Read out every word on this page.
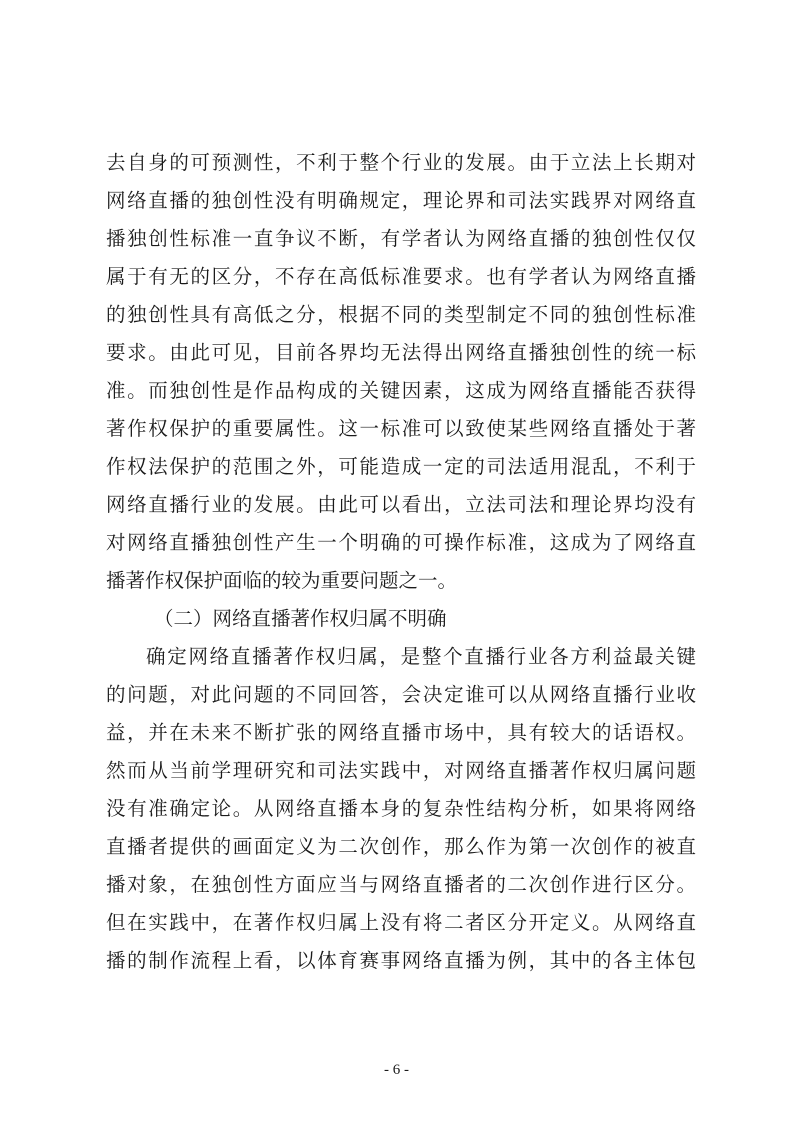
去自身的可预测性，不利于整个行业的发展。由于立法上长期对
网络直播的独创性没有明确规定，理论界和司法实践界对网络直
播独创性标准一直争议不断，有学者认为网络直播的独创性仅仅
属于有无的区分，不存在高低标准要求。也有学者认为网络直播
的独创性具有高低之分，根据不同的类型制定不同的独创性标准
要求。由此可见，目前各界均无法得出网络直播独创性的统一标
准。而独创性是作品构成的关键因素，这成为网络直播能否获得
著作权保护的重要属性。这一标准可以致使某些网络直播处于著
作权法保护的范围之外，可能造成一定的司法适用混乱，不利于
网络直播行业的发展。由此可以看出，立法司法和理论界均没有
对网络直播独创性产生一个明确的可操作标准，这成为了网络直
播著作权保护面临的较为重要问题之一。
（二）网络直播著作权归属不明确
确定网络直播著作权归属，是整个直播行业各方利益最关键
的问题，对此问题的不同回答，会决定谁可以从网络直播行业收
益，并在未来不断扩张的网络直播市场中，具有较大的话语权。
然而从当前学理研究和司法实践中，对网络直播著作权归属问题
没有准确定论。从网络直播本身的复杂性结构分析，如果将网络
直播者提供的画面定义为二次创作，那么作为第一次创作的被直
播对象，在独创性方面应当与网络直播者的二次创作进行区分。
但在实践中，在著作权归属上没有将二者区分开定义。从网络直
播的制作流程上看，以体育赛事网络直播为例，其中的各主体包
- 6 -
